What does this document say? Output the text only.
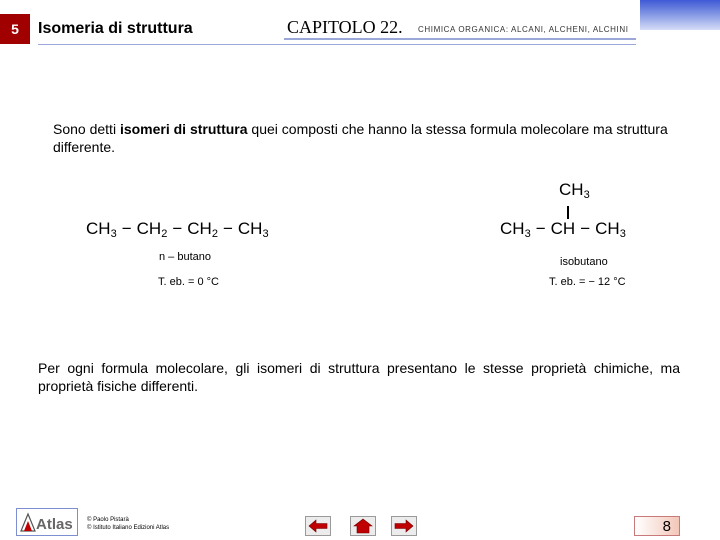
5	Isomeria di struttura	CAPITOLO 22. CHIMICA ORGANICA: ALCANI, ALCHENI, ALCHINI
Sono detti isomeri di struttura quei composti che hanno la stessa formula molecolare ma struttura differente.
$CH_3 - CH_2 - CH_2 - CH_3$
n – butano
T. eb. = 0 °C
$CH_3$
$CH_3$ − CH − $CH_3$
isobutano
T. eb. = − 12 °C
Per ogni formula molecolare, gli isomeri di struttura presentano le stesse proprietà chimiche, ma proprietà fisiche differenti.
Atlas © Paolo Pistarà
© Istituto Italiano Edizioni Atlas	8
